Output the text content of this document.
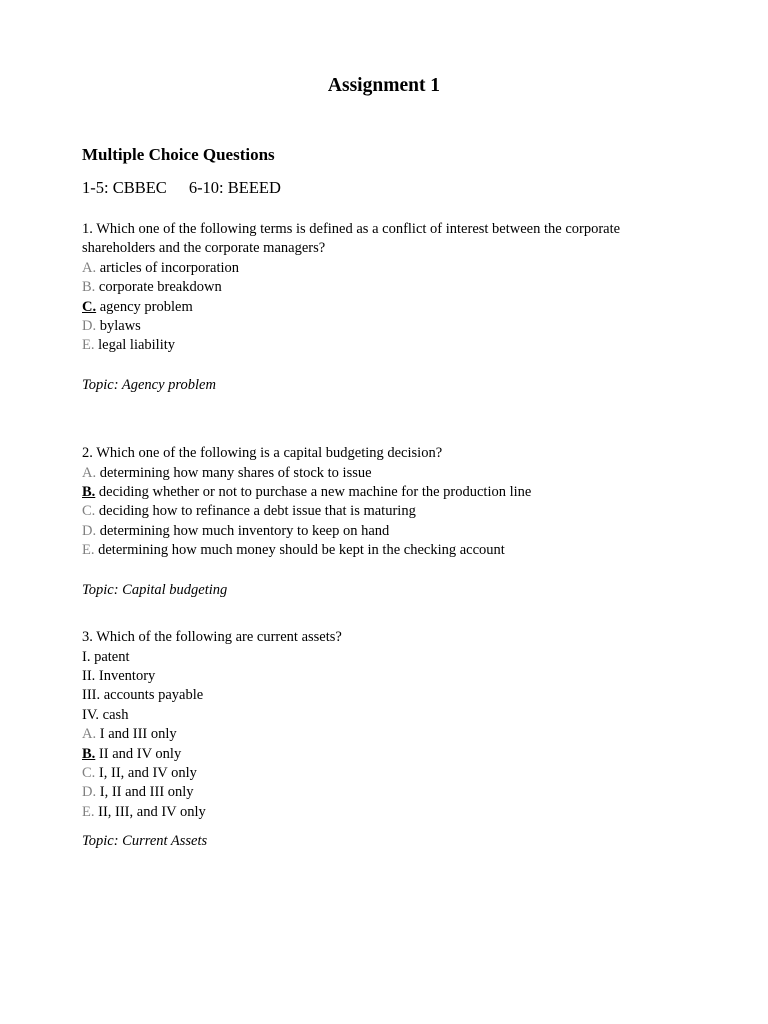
Assignment 1
Multiple Choice Questions
1-5: CBBEC 6-10: BEEED
1. Which one of the following terms is defined as a conflict of interest between the corporate shareholders and the corporate managers?
A. articles of incorporation
B. corporate breakdown
C. agency problem
D. bylaws
E. legal liability
Topic: Agency problem
2. Which one of the following is a capital budgeting decision?
A. determining how many shares of stock to issue
B. deciding whether or not to purchase a new machine for the production line
C. deciding how to refinance a debt issue that is maturing
D. determining how much inventory to keep on hand
E. determining how much money should be kept in the checking account
Topic: Capital budgeting
3. Which of the following are current assets?
I. patent
II. Inventory
III. accounts payable
IV. cash
A. I and III only
B. II and IV only
C. I, II, and IV only
D. I, II and III only
E. II, III, and IV only
Topic: Current Assets
